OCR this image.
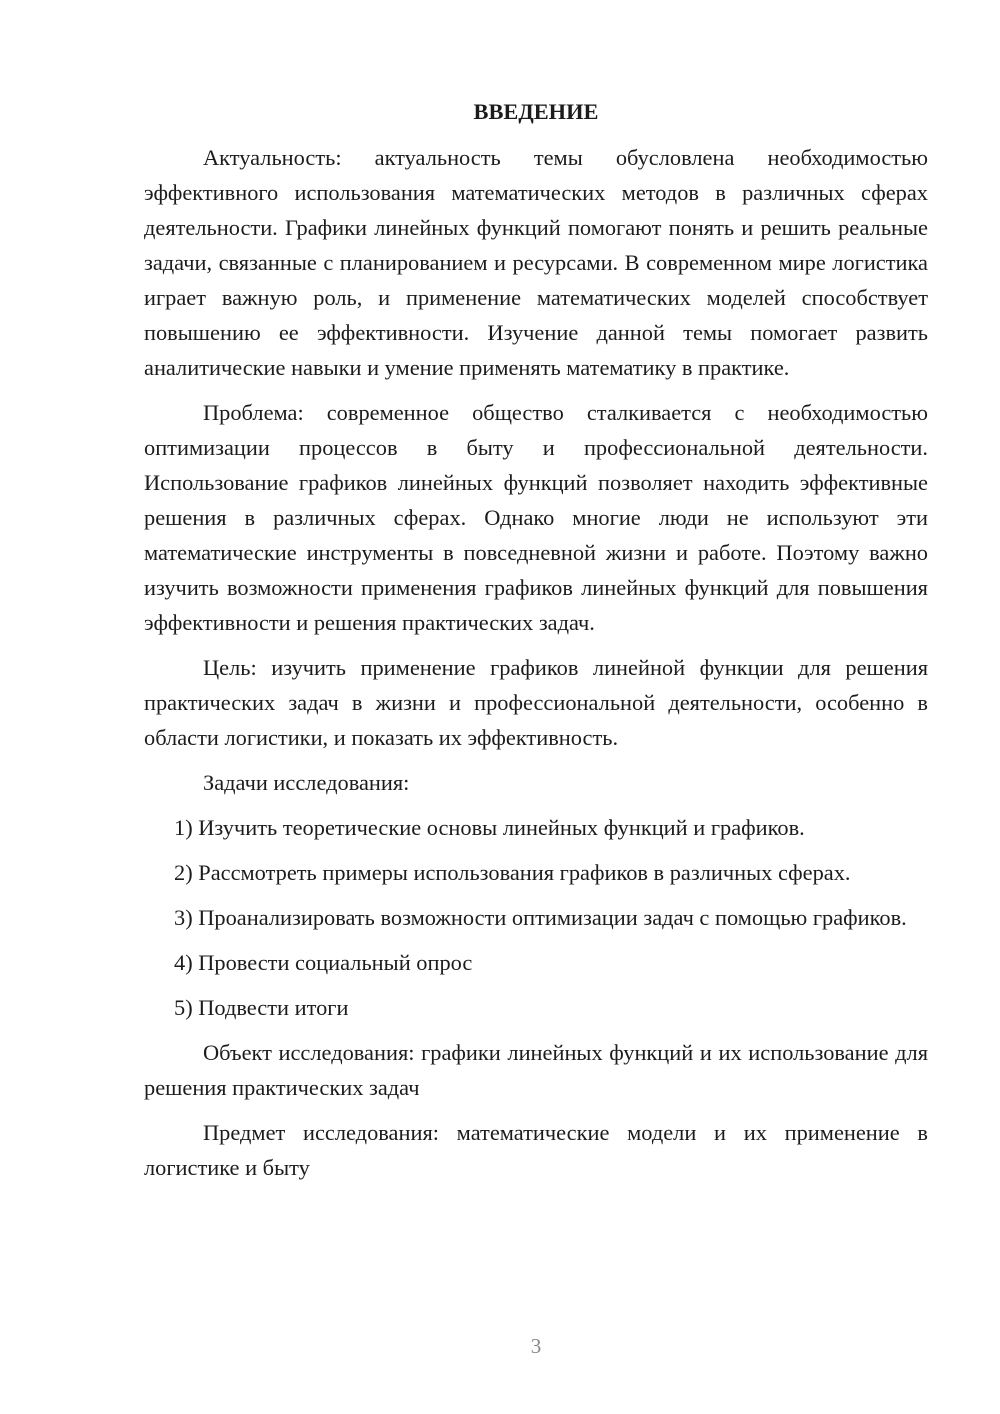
ВВЕДЕНИЕ

Актуальность: актуальность темы обусловлена необходимостью эффективного использования математических методов в различных сферах деятельности. Графики линейных функций помогают понять и решить реальные задачи, связанные с планированием и ресурсами. В современном мире логистика играет важную роль, и применение математических моделей способствует повышению ее эффективности. Изучение данной темы помогает развить аналитические навыки и умение применять математику в практике.

Проблема: современное общество сталкивается с необходимостью оптимизации процессов в быту и профессиональной деятельности. Использование графиков линейных функций позволяет находить эффективные решения в различных сферах. Однако многие люди не используют эти математические инструменты в повседневной жизни и работе. Поэтому важно изучить возможности применения графиков линейных функций для повышения эффективности и решения практических задач.

Цель: изучить применение графиков линейной функции для решения практических задач в жизни и профессиональной деятельности, особенно в области логистики, и показать их эффективность.

Задачи исследования:

1) Изучить теоретические основы линейных функций и графиков.

2) Рассмотреть примеры использования графиков в различных сферах.

3) Проанализировать возможности оптимизации задач с помощью графиков.

4) Провести социальный опрос

5) Подвести итоги

Объект исследования: графики линейных функций и их использование для решения практических задач

Предмет исследования: математические модели и их применение в логистике и быту

3
